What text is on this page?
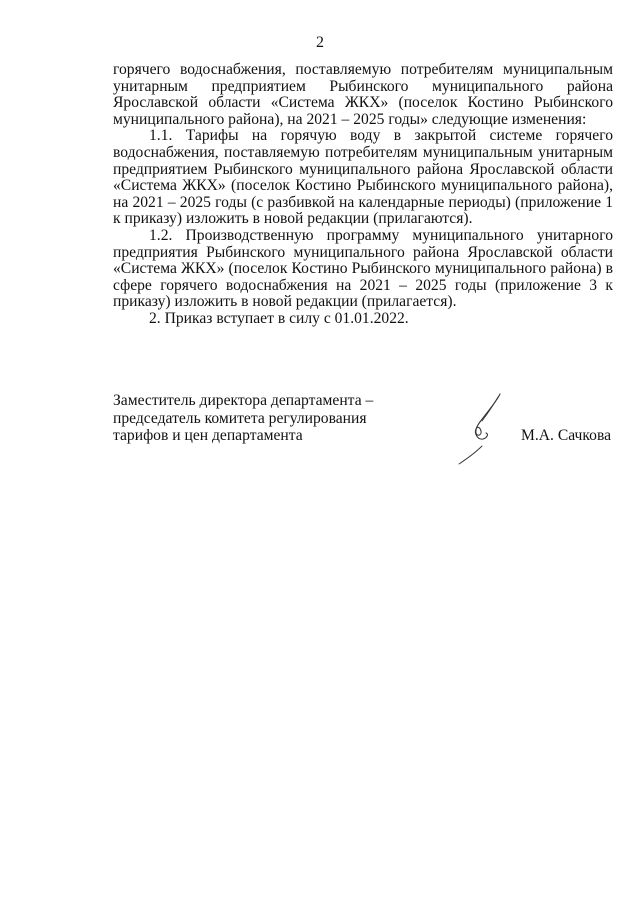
2

горячего водоснабжения, поставляемую потребителям муниципальным унитарным предприятием Рыбинского муниципального района Ярославской области «Система ЖКХ» (поселок Костино Рыбинского муниципального района), на 2021 – 2025 годы» следующие изменения:

1.1. Тарифы на горячую воду в закрытой системе горячего водоснабжения, поставляемую потребителям муниципальным унитарным предприятием Рыбинского муниципального района Ярославской области «Система ЖКХ» (поселок Костино Рыбинского муниципального района), на 2021 – 2025 годы (с разбивкой на календарные периоды) (приложение 1 к приказу) изложить в новой редакции (прилагаются).

1.2. Производственную программу муниципального унитарного предприятия Рыбинского муниципального района Ярославской области «Система ЖКХ» (поселок Костино Рыбинского муниципального района) в сфере горячего водоснабжения на 2021 – 2025 годы (приложение 3 к приказу) изложить в новой редакции (прилагается).

2. Приказ вступает в силу с 01.01.2022.

Заместитель директора департамента –
председатель комитета регулирования
тарифов и цен департамента	М.А. Сачкова
